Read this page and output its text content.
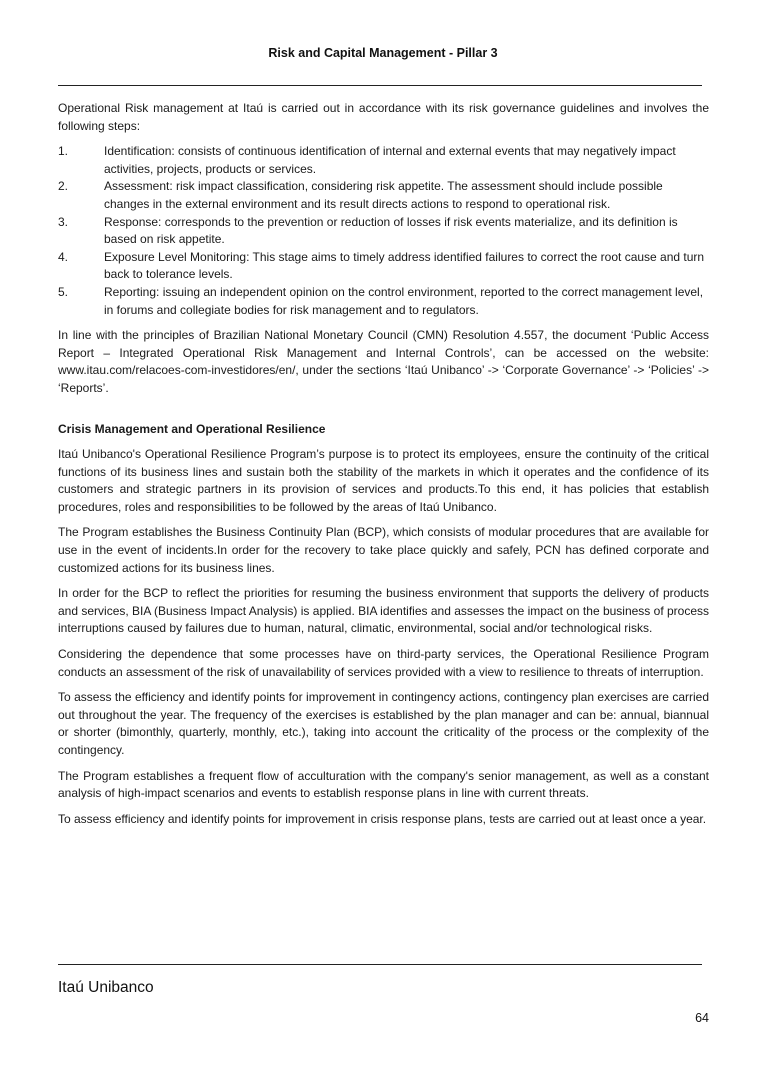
Risk and Capital Management - Pillar 3

Operational Risk management at Itaú is carried out in accordance with its risk governance guidelines and involves the following steps:

1.	Identification: consists of continuous identification of internal and external events that may negatively impact activities, projects, products or services.
2.	Assessment: risk impact classification, considering risk appetite. The assessment should include possible changes in the external environment and its result directs actions to respond to operational risk.
3.	Response: corresponds to the prevention or reduction of losses if risk events materialize, and its definition is based on risk appetite.
4.	Exposure Level Monitoring: This stage aims to timely address identified failures to correct the root cause and turn back to tolerance levels.
5.	Reporting: issuing an independent opinion on the control environment, reported to the correct management level, in forums and collegiate bodies for risk management and to regulators.

In line with the principles of Brazilian National Monetary Council (CMN) Resolution 4.557, the document ‘Public Access Report – Integrated Operational Risk Management and Internal Controls’, can be accessed on the website: www.itau.com/relacoes-com-investidores/en/, under the sections ‘Itaú Unibanco’ -> ‘Corporate Governance’ -> ‘Policies’ -> ‘Reports’.

Crisis Management and Operational Resilience

Itaú Unibanco's Operational Resilience Program’s purpose is to protect its employees, ensure the continuity of the critical functions of its business lines and sustain both the stability of the markets in which it operates and the confidence of its customers and strategic partners in its provision of services and products.To this end, it has policies that establish procedures, roles and responsibilities to be followed by the areas of Itaú Unibanco.

The Program establishes the Business Continuity Plan (BCP), which consists of modular procedures that are available for use in the event of incidents.In order for the recovery to take place quickly and safely, PCN has defined corporate and customized actions for its business lines.

In order for the BCP to reflect the priorities for resuming the business environment that supports the delivery of products and services, BIA (Business Impact Analysis) is applied. BIA identifies and assesses the impact on the business of process interruptions caused by failures due to human, natural, climatic, environmental, social and/or technological risks.

Considering the dependence that some processes have on third-party services, the Operational Resilience Program conducts an assessment of the risk of unavailability of services provided with a view to resilience to threats of interruption.

To assess the efficiency and identify points for improvement in contingency actions, contingency plan exercises are carried out throughout the year. The frequency of the exercises is established by the plan manager and can be: annual, biannual or shorter (bimonthly, quarterly, monthly, etc.), taking into account the criticality of the process or the complexity of the contingency.

The Program establishes a frequent flow of acculturation with the company's senior management, as well as a constant analysis of high-impact scenarios and events to establish response plans in line with current threats.

To assess efficiency and identify points for improvement in crisis response plans, tests are carried out at least once a year.

Itaú Unibanco
64
